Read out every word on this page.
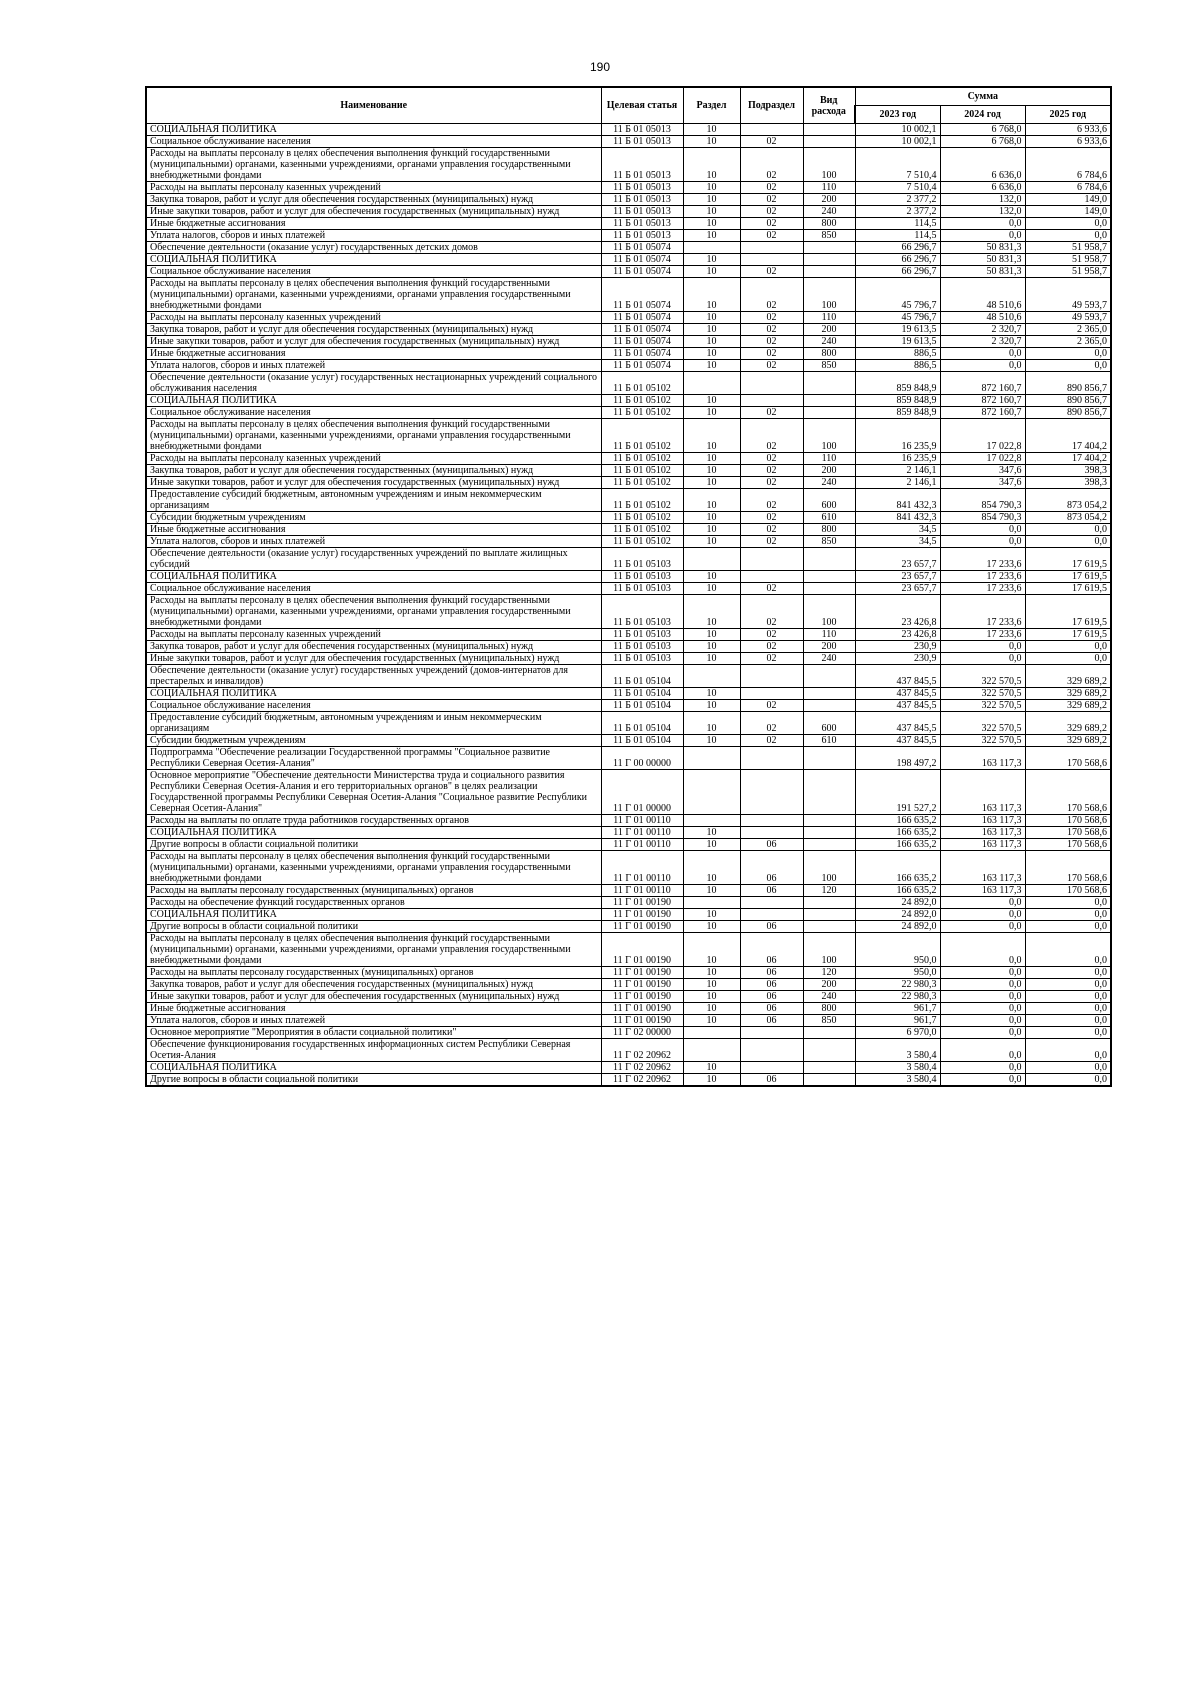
190
Наименование	Целевая статья	Раздел	Подраздел	Вид расхода	Сумма		
					2023 год	2024 год	2025 год
СОЦИАЛЬНАЯ ПОЛИТИКА	11 Б 01 05013	10			10 002,1	6 768,0	6 933,6
Социальное обслуживание населения	11 Б 01 05013	10	02		10 002,1	6 768,0	6 933,6
Расходы на выплаты персоналу в целях обеспечения выполнения функций государственными (муниципальными) органами, казенными учреждениями, органами управления государственными внебюджетными фондами	11 Б 01 05013	10	02	100	7 510,4	6 636,0	6 784,6
Расходы на выплаты персоналу казенных учреждений	11 Б 01 05013	10	02	110	7 510,4	6 636,0	6 784,6
Закупка товаров, работ и услуг для обеспечения государственных (муниципальных) нужд	11 Б 01 05013	10	02	200	2 377,2	132,0	149,0
Иные закупки товаров, работ и услуг для обеспечения государственных (муниципальных) нужд	11 Б 01 05013	10	02	240	2 377,2	132,0	149,0
Иные бюджетные ассигнования	11 Б 01 05013	10	02	800	114,5	0,0	0,0
Уплата налогов, сборов и иных платежей	11 Б 01 05013	10	02	850	114,5	0,0	0,0
Обеспечение деятельности (оказание услуг) государственных детских домов	11 Б 01 05074				66 296,7	50 831,3	51 958,7
СОЦИАЛЬНАЯ ПОЛИТИКА	11 Б 01 05074	10			66 296,7	50 831,3	51 958,7
Социальное обслуживание населения	11 Б 01 05074	10	02		66 296,7	50 831,3	51 958,7
Расходы на выплаты персоналу в целях обеспечения выполнения функций государственными (муниципальными) органами, казенными учреждениями, органами управления государственными внебюджетными фондами	11 Б 01 05074	10	02	100	45 796,7	48 510,6	49 593,7
Расходы на выплаты персоналу казенных учреждений	11 Б 01 05074	10	02	110	45 796,7	48 510,6	49 593,7
Закупка товаров, работ и услуг для обеспечения государственных (муниципальных) нужд	11 Б 01 05074	10	02	200	19 613,5	2 320,7	2 365,0
Иные закупки товаров, работ и услуг для обеспечения государственных (муниципальных) нужд	11 Б 01 05074	10	02	240	19 613,5	2 320,7	2 365,0
Иные бюджетные ассигнования	11 Б 01 05074	10	02	800	886,5	0,0	0,0
Уплата налогов, сборов и иных платежей	11 Б 01 05074	10	02	850	886,5	0,0	0,0
Обеспечение деятельности (оказание услуг) государственных нестационарных учреждений социального обслуживания населения	11 Б 01 05102				859 848,9	872 160,7	890 856,7
СОЦИАЛЬНАЯ ПОЛИТИКА	11 Б 01 05102	10			859 848,9	872 160,7	890 856,7
Социальное обслуживание населения	11 Б 01 05102	10	02		859 848,9	872 160,7	890 856,7
Расходы на выплаты персоналу в целях обеспечения выполнения функций государственными (муниципальными) органами, казенными учреждениями, органами управления государственными внебюджетными фондами	11 Б 01 05102	10	02	100	16 235,9	17 022,8	17 404,2
Расходы на выплаты персоналу казенных учреждений	11 Б 01 05102	10	02	110	16 235,9	17 022,8	17 404,2
Закупка товаров, работ и услуг для обеспечения государственных (муниципальных) нужд	11 Б 01 05102	10	02	200	2 146,1	347,6	398,3
Иные закупки товаров, работ и услуг для обеспечения государственных (муниципальных) нужд	11 Б 01 05102	10	02	240	2 146,1	347,6	398,3
Предоставление субсидий бюджетным, автономным учреждениям и иным некоммерческим организациям	11 Б 01 05102	10	02	600	841 432,3	854 790,3	873 054,2
Субсидии бюджетным учреждениям	11 Б 01 05102	10	02	610	841 432,3	854 790,3	873 054,2
Иные бюджетные ассигнования	11 Б 01 05102	10	02	800	34,5	0,0	0,0
Уплата налогов, сборов и иных платежей	11 Б 01 05102	10	02	850	34,5	0,0	0,0
Обеспечение деятельности (оказание услуг) государственных учреждений по выплате жилищных субсидий	11 Б 01 05103				23 657,7	17 233,6	17 619,5
СОЦИАЛЬНАЯ ПОЛИТИКА	11 Б 01 05103	10			23 657,7	17 233,6	17 619,5
Социальное обслуживание населения	11 Б 01 05103	10	02		23 657,7	17 233,6	17 619,5
Расходы на выплаты персоналу в целях обеспечения выполнения функций государственными (муниципальными) органами, казенными учреждениями, органами управления государственными внебюджетными фондами	11 Б 01 05103	10	02	100	23 426,8	17 233,6	17 619,5
Расходы на выплаты персоналу казенных учреждений	11 Б 01 05103	10	02	110	23 426,8	17 233,6	17 619,5
Закупка товаров, работ и услуг для обеспечения государственных (муниципальных) нужд	11 Б 01 05103	10	02	200	230,9	0,0	0,0
Иные закупки товаров, работ и услуг для обеспечения государственных (муниципальных) нужд	11 Б 01 05103	10	02	240	230,9	0,0	0,0
Обеспечение деятельности (оказание услуг) государственных учреждений (домов-интернатов для престарелых и инвалидов)	11 Б 01 05104				437 845,5	322 570,5	329 689,2
СОЦИАЛЬНАЯ ПОЛИТИКА	11 Б 01 05104	10			437 845,5	322 570,5	329 689,2
Социальное обслуживание населения	11 Б 01 05104	10	02		437 845,5	322 570,5	329 689,2
Предоставление субсидий бюджетным, автономным учреждениям и иным некоммерческим организациям	11 Б 01 05104	10	02	600	437 845,5	322 570,5	329 689,2
Субсидии бюджетным учреждениям	11 Б 01 05104	10	02	610	437 845,5	322 570,5	329 689,2
Подпрограмма "Обеспечение реализации Государственной программы "Социальное развитие Республики Северная Осетия-Алания"	11 Г 00 00000				198 497,2	163 117,3	170 568,6
Основное мероприятие "Обеспечение деятельности Министерства труда и социального развития Республики Северная Осетия-Алания и его территориальных органов" в целях реализации Государственной программы Республики Северная Осетия-Алания "Социальное развитие Республики Северная Осетия-Алания"	11 Г 01 00000				191 527,2	163 117,3	170 568,6
Расходы на выплаты по оплате труда работников государственных органов	11 Г 01 00110				166 635,2	163 117,3	170 568,6
СОЦИАЛЬНАЯ ПОЛИТИКА	11 Г 01 00110	10			166 635,2	163 117,3	170 568,6
Другие вопросы в области социальной политики	11 Г 01 00110	10	06		166 635,2	163 117,3	170 568,6
Расходы на выплаты персоналу в целях обеспечения выполнения функций государственными (муниципальными) органами, казенными учреждениями, органами управления государственными внебюджетными фондами	11 Г 01 00110	10	06	100	166 635,2	163 117,3	170 568,6
Расходы на выплаты персоналу государственных (муниципальных) органов	11 Г 01 00110	10	06	120	166 635,2	163 117,3	170 568,6
Расходы на обеспечение функций государственных органов	11 Г 01 00190				24 892,0	0,0	0,0
СОЦИАЛЬНАЯ ПОЛИТИКА	11 Г 01 00190	10			24 892,0	0,0	0,0
Другие вопросы в области социальной политики	11 Г 01 00190	10	06		24 892,0	0,0	0,0
Расходы на выплаты персоналу в целях обеспечения выполнения функций государственными (муниципальными) органами, казенными учреждениями, органами управления государственными внебюджетными фондами	11 Г 01 00190	10	06	100	950,0	0,0	0,0
Расходы на выплаты персоналу государственных (муниципальных) органов	11 Г 01 00190	10	06	120	950,0	0,0	0,0
Закупка товаров, работ и услуг для обеспечения государственных (муниципальных) нужд	11 Г 01 00190	10	06	200	22 980,3	0,0	0,0
Иные закупки товаров, работ и услуг для обеспечения государственных (муниципальных) нужд	11 Г 01 00190	10	06	240	22 980,3	0,0	0,0
Иные бюджетные ассигнования	11 Г 01 00190	10	06	800	961,7	0,0	0,0
Уплата налогов, сборов и иных платежей	11 Г 01 00190	10	06	850	961,7	0,0	0,0
Основное мероприятие "Мероприятия в области социальной политики"	11 Г 02 00000				6 970,0	0,0	0,0
Обеспечение функционирования государственных информационных систем Республики Северная Осетия-Алания	11 Г 02 20962				3 580,4	0,0	0,0
СОЦИАЛЬНАЯ ПОЛИТИКА	11 Г 02 20962	10			3 580,4	0,0	0,0
Другие вопросы в области социальной политики	11 Г 02 20962	10	06		3 580,4	0,0	0,0
